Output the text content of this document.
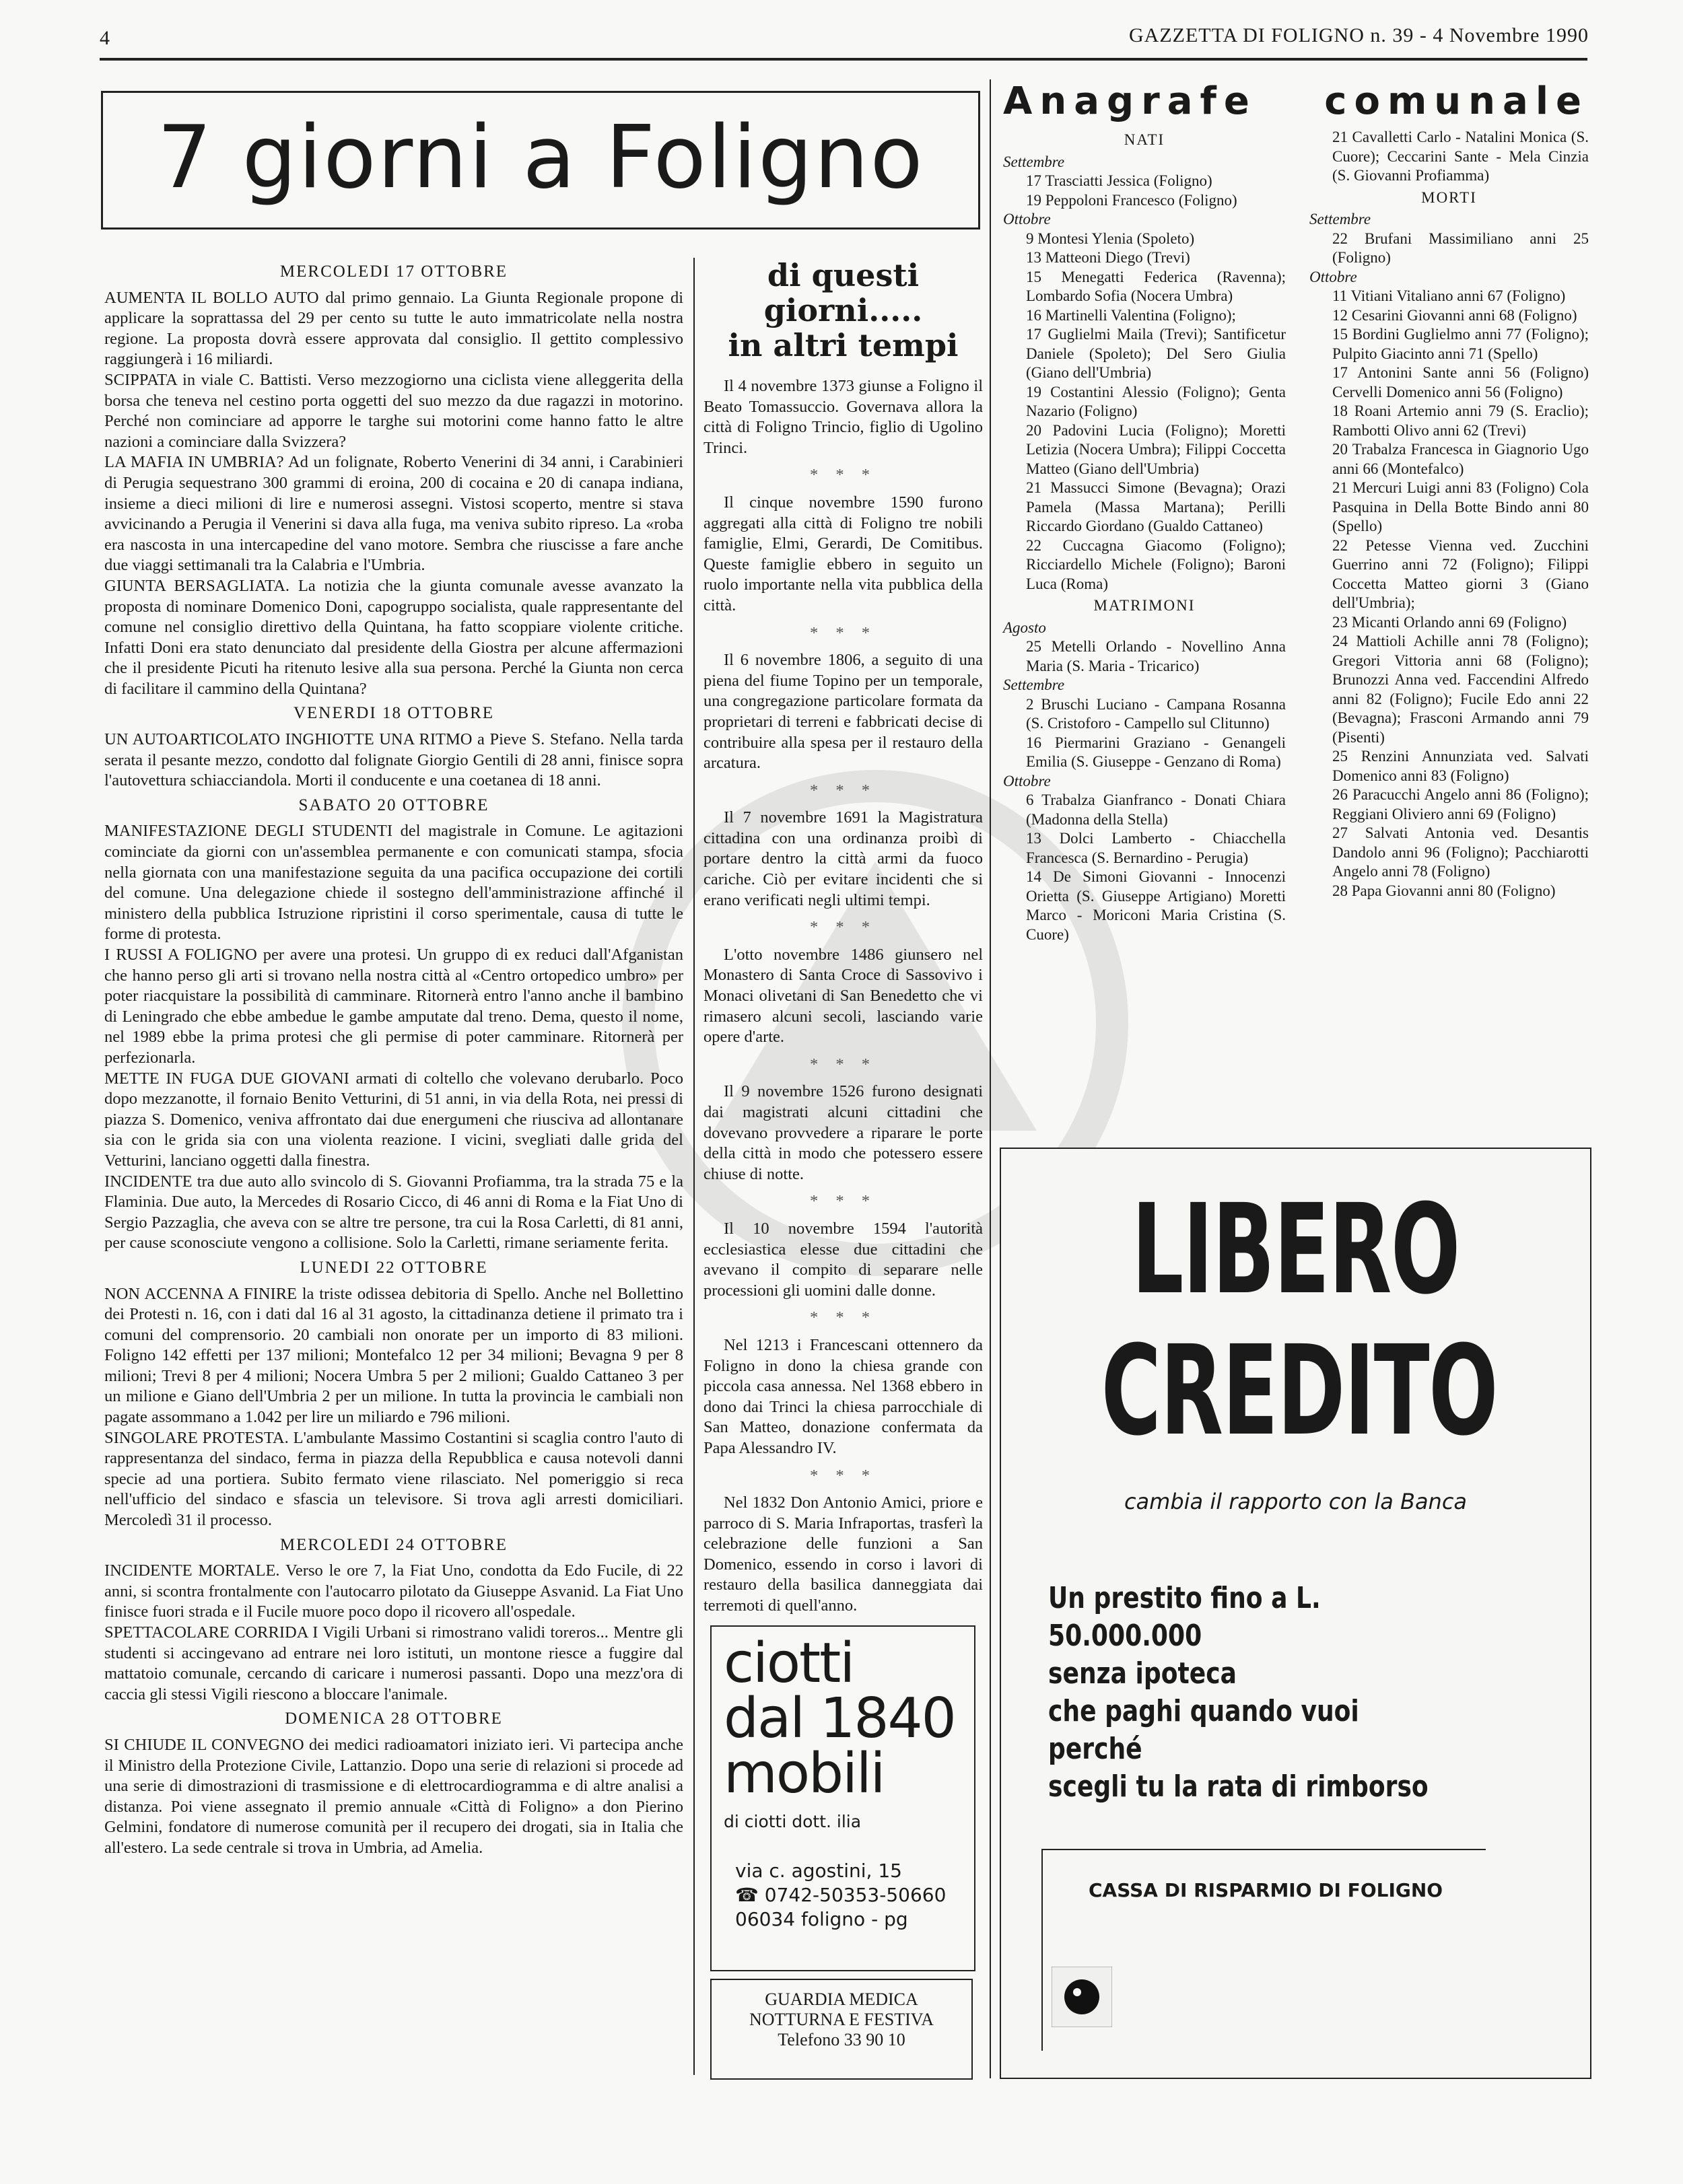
4	GAZZETTA DI FOLIGNO n. 39 - 4 Novembre 1990
7 giorni a Foligno

MERCOLEDI 17 OTTOBRE

AUMENTA IL BOLLO AUTO dal primo gennaio. La Giunta Regionale propone di applicare la soprattassa del 29 per cento su tutte le auto immatricolate nella nostra regione. La proposta dovrà essere approvata dal consiglio. Il gettito complessivo raggiungerà i 16 miliardi.

SCIPPATA in viale C. Battisti. Verso mezzogiorno una ciclista viene alleggerita della borsa che teneva nel cestino porta oggetti del suo mezzo da due ragazzi in motorino. Perché non cominciare ad apporre le targhe sui motorini come hanno fatto le altre nazioni a cominciare dalla Svizzera?

LA MAFIA IN UMBRIA? Ad un folignate, Roberto Venerini di 34 anni, i Carabinieri di Perugia sequestrano 300 grammi di eroina, 200 di cocaina e 20 di canapa indiana, insieme a dieci milioni di lire e numerosi assegni. Vistosi scoperto, mentre si stava avvicinando a Perugia il Venerini si dava alla fuga, ma veniva subito ripreso. La «roba era nascosta in una intercapedine del vano motore. Sembra che riuscisse a fare anche due viaggi settimanali tra la Calabria e l'Umbria.

GIUNTA BERSAGLIATA. La notizia che la giunta comunale avesse avanzato la proposta di nominare Domenico Doni, capogruppo socialista, quale rappresentante del comune nel consiglio direttivo della Quintana, ha fatto scoppiare violente critiche. Infatti Doni era stato denunciato dal presidente della Giostra per alcune affermazioni che il presidente Picuti ha ritenuto lesive alla sua persona. Perché la Giunta non cerca di facilitare il cammino della Quintana?

VENERDI 18 OTTOBRE

UN AUTOARTICOLATO INGHIOTTE UNA RITMO a Pieve S. Stefano. Nella tarda serata il pesante mezzo, condotto dal folignate Giorgio Gentili di 28 anni, finisce sopra l'autovettura schiacciandola. Morti il conducente e una coetanea di 18 anni.

SABATO 20 OTTOBRE

MANIFESTAZIONE DEGLI STUDENTI del magistrale in Comune. Le agitazioni cominciate da giorni con un'assemblea permanente e con comunicati stampa, sfocia nella giornata con una manifestazione seguita da una pacifica occupazione dei cortili del comune. Una delegazione chiede il sostegno dell'amministrazione affinché il ministero della pubblica Istruzione ripristini il corso sperimentale, causa di tutte le forme di protesta.

I RUSSI A FOLIGNO per avere una protesi. Un gruppo di ex reduci dall'Afganistan che hanno perso gli arti si trovano nella nostra città al «Centro ortopedico umbro» per poter riacquistare la possibilità di camminare. Ritornerà entro l'anno anche il bambino di Leningrado che ebbe ambedue le gambe amputate dal treno. Dema, questo il nome, nel 1989 ebbe la prima protesi che gli permise di poter camminare. Ritornerà per perfezionarla.

METTE IN FUGA DUE GIOVANI armati di coltello che volevano derubarlo. Poco dopo mezzanotte, il fornaio Benito Vetturini, di 51 anni, in via della Rota, nei pressi di piazza S. Domenico, veniva affrontato dai due energumeni che riusciva ad allontanare sia con le grida sia con una violenta reazione. I vicini, svegliati dalle grida del Vetturini, lanciano oggetti dalla finestra.

INCIDENTE tra due auto allo svincolo di S. Giovanni Profiamma, tra la strada 75 e la Flaminia. Due auto, la Mercedes di Rosario Cicco, di 46 anni di Roma e la Fiat Uno di Sergio Pazzaglia, che aveva con se altre tre persone, tra cui la Rosa Carletti, di 81 anni, per cause sconosciute vengono a collisione. Solo la Carletti, rimane seriamente ferita.

LUNEDI 22 OTTOBRE

NON ACCENNA A FINIRE la triste odissea debitoria di Spello. Anche nel Bollettino dei Protesti n. 16, con i dati dal 16 al 31 agosto, la cittadinanza detiene il primato tra i comuni del comprensorio. 20 cambiali non onorate per un importo di 83 milioni. Foligno 142 effetti per 137 milioni; Montefalco 12 per 34 milioni; Bevagna 9 per 8 milioni; Trevi 8 per 4 milioni; Nocera Umbra 5 per 2 milioni; Gualdo Cattaneo 3 per un milione e Giano dell'Umbria 2 per un milione. In tutta la provincia le cambiali non pagate assommano a 1.042 per lire un miliardo e 796 milioni.

SINGOLARE PROTESTA. L'ambulante Massimo Costantini si scaglia contro l'auto di rappresentanza del sindaco, ferma in piazza della Repubblica e causa notevoli danni specie ad una portiera. Subito fermato viene rilasciato. Nel pomeriggio si reca nell'ufficio del sindaco e sfascia un televisore. Si trova agli arresti domiciliari. Mercoledì 31 il processo.

MERCOLEDI 24 OTTOBRE

INCIDENTE MORTALE. Verso le ore 7, la Fiat Uno, condotta da Edo Fucile, di 22 anni, si scontra frontalmente con l'autocarro pilotato da Giuseppe Asvanid. La Fiat Uno finisce fuori strada e il Fucile muore poco dopo il ricovero all'ospedale.

SPETTACOLARE CORRIDA I Vigili Urbani si rimostrano validi toreros... Mentre gli studenti si accingevano ad entrare nei loro istituti, un montone riesce a fuggire dal mattatoio comunale, cercando di caricare i numerosi passanti. Dopo una mezz'ora di caccia gli stessi Vigili riescono a bloccare l'animale.

DOMENICA 28 OTTOBRE

SI CHIUDE IL CONVEGNO dei medici radioamatori iniziato ieri. Vi partecipa anche il Ministro della Protezione Civile, Lattanzio. Dopo una serie di relazioni si procede ad una serie di dimostrazioni di trasmissione e di elettrocardiogramma e di altre analisi a distanza. Poi viene assegnato il premio annuale «Città di Foligno» a don Pierino Gelmini, fondatore di numerose comunità per il recupero dei drogati, sia in Italia che all'estero. La sede centrale si trova in Umbria, ad Amelia.

di questi giorni.....
in altri tempi

Il 4 novembre 1373 giunse a Foligno il Beato Tomassuccio. Governava allora la città di Foligno Trincio, figlio di Ugolino Trinci.

* * *

Il cinque novembre 1590 furono aggregati alla città di Foligno tre nobili famiglie, Elmi, Gerardi, De Comitibus. Queste famiglie ebbero in seguito un ruolo importante nella vita pubblica della città.

* * *

Il 6 novembre 1806, a seguito di una piena del fiume Topino per un temporale, una congregazione particolare formata da proprietari di terreni e fabbricati decise di contribuire alla spesa per il restauro della arcatura.

* * *

Il 7 novembre 1691 la Magistratura cittadina con una ordinanza proibì di portare dentro la città armi da fuoco cariche. Ciò per evitare incidenti che si erano verificati negli ultimi tempi.

* * *

L'otto novembre 1486 giunsero nel Monastero di Santa Croce di Sassovivo i Monaci olivetani di San Benedetto che vi rimasero alcuni secoli, lasciando varie opere d'arte.

* * *

Il 9 novembre 1526 furono designati dai magistrati alcuni cittadini che dovevano provvedere a riparare le porte della città in modo che potessero essere chiuse di notte.

* * *

Il 10 novembre 1594 l'autorità ecclesiastica elesse due cittadini che avevano il compito di separare nelle processioni gli uomini dalle donne.

* * *

Nel 1213 i Francescani ottennero da Foligno in dono la chiesa grande con piccola casa annessa. Nel 1368 ebbero in dono dai Trinci la chiesa parrocchiale di San Matteo, donazione confermata da Papa Alessandro IV.

* * *

Nel 1832 Don Antonio Amici, priore e parroco di S. Maria Infraportas, trasferì la celebrazione delle funzioni a San Domenico, essendo in corso i lavori di restauro della basilica danneggiata dai terremoti di quell'anno.

Anagrafe comunale

NATI

Settembre

17 Trasciatti Jessica (Foligno)

19 Peppoloni Francesco (Foligno)

Ottobre

9 Montesi Ylenia (Spoleto)

13 Matteoni Diego (Trevi)

15 Menegatti Federica (Ravenna); Lombardo Sofia (Nocera Umbra)

16 Martinelli Valentina (Foligno);

17 Guglielmi Maila (Trevi); Santificetur Daniele (Spoleto); Del Sero Giulia (Giano dell'Umbria)

19 Costantini Alessio (Foligno); Genta Nazario (Foligno)

20 Padovini Lucia (Foligno); Moretti Letizia (Nocera Umbra); Filippi Coccetta Matteo (Giano dell'Umbria)

21 Massucci Simone (Bevagna); Orazi Pamela (Massa Martana); Perilli Riccardo Giordano (Gualdo Cattaneo)

22 Cuccagna Giacomo (Foligno); Ricciardello Michele (Foligno); Baroni Luca (Roma)

MATRIMONI

Agosto

25 Metelli Orlando - Novellino Anna Maria (S. Maria - Tricarico)

Settembre

2 Bruschi Luciano - Campana Rosanna (S. Cristoforo - Campello sul Clitunno)

16 Piermarini Graziano - Genangeli Emilia (S. Giuseppe - Genzano di Roma)

Ottobre

6 Trabalza Gianfranco - Donati Chiara (Madonna della Stella)

13 Dolci Lamberto - Chiacchella Francesca (S. Bernardino - Perugia)

14 De Simoni Giovanni - Innocenzi Orietta (S. Giuseppe Artigiano) Moretti Marco - Moriconi Maria Cristina (S. Cuore)

21 Cavalletti Carlo - Natalini Monica (S. Cuore); Ceccarini Sante - Mela Cinzia (S. Giovanni Profiamma)

MORTI

Settembre

22 Brufani Massimiliano anni 25 (Foligno)

Ottobre

11 Vitiani Vitaliano anni 67 (Foligno)

12 Cesarini Giovanni anni 68 (Foligno)

15 Bordini Guglielmo anni 77 (Foligno); Pulpito Giacinto anni 71 (Spello)

17 Antonini Sante anni 56 (Foligno) Cervelli Domenico anni 56 (Foligno)

18 Roani Artemio anni 79 (S. Eraclio); Rambotti Olivo anni 62 (Trevi)

20 Trabalza Francesca in Giagnorio Ugo anni 66 (Montefalco)

21 Mercuri Luigi anni 83 (Foligno) Cola Pasquina in Della Botte Bindo anni 80 (Spello)

22 Petesse Vienna ved. Zucchini Guerrino anni 72 (Foligno); Filippi Coccetta Matteo giorni 3 (Giano dell'Umbria);

23 Micanti Orlando anni 69 (Foligno)

24 Mattioli Achille anni 78 (Foligno); Gregori Vittoria anni 68 (Foligno); Brunozzi Anna ved. Faccendini Alfredo anni 82 (Foligno); Fucile Edo anni 22 (Bevagna); Frasconi Armando anni 79 (Pisenti)

25 Renzini Annunziata ved. Salvati Domenico anni 83 (Foligno)

26 Paracucchi Angelo anni 86 (Foligno); Reggiani Oliviero anni 69 (Foligno)

27 Salvati Antonia ved. Desantis Dandolo anni 96 (Foligno); Pacchiarotti Angelo anni 78 (Foligno)

28 Papa Giovanni anni 80 (Foligno)

LIBERO
CREDITO
cambia il rapporto con la Banca
Un prestito fino a L. 50.000.000
senza ipoteca
che paghi quando vuoi
perché
scegli tu la rata di rimborso
CASSA DI RISPARMIO DI FOLIGNO
ciotti
dal 1840
mobili
di ciotti dott. ilia
via c. agostini, 15
☎ 0742-50353-50660
06034 foligno - pg
GUARDIA MEDICA
NOTTURNA E FESTIVA
Telefono 33 90 10
